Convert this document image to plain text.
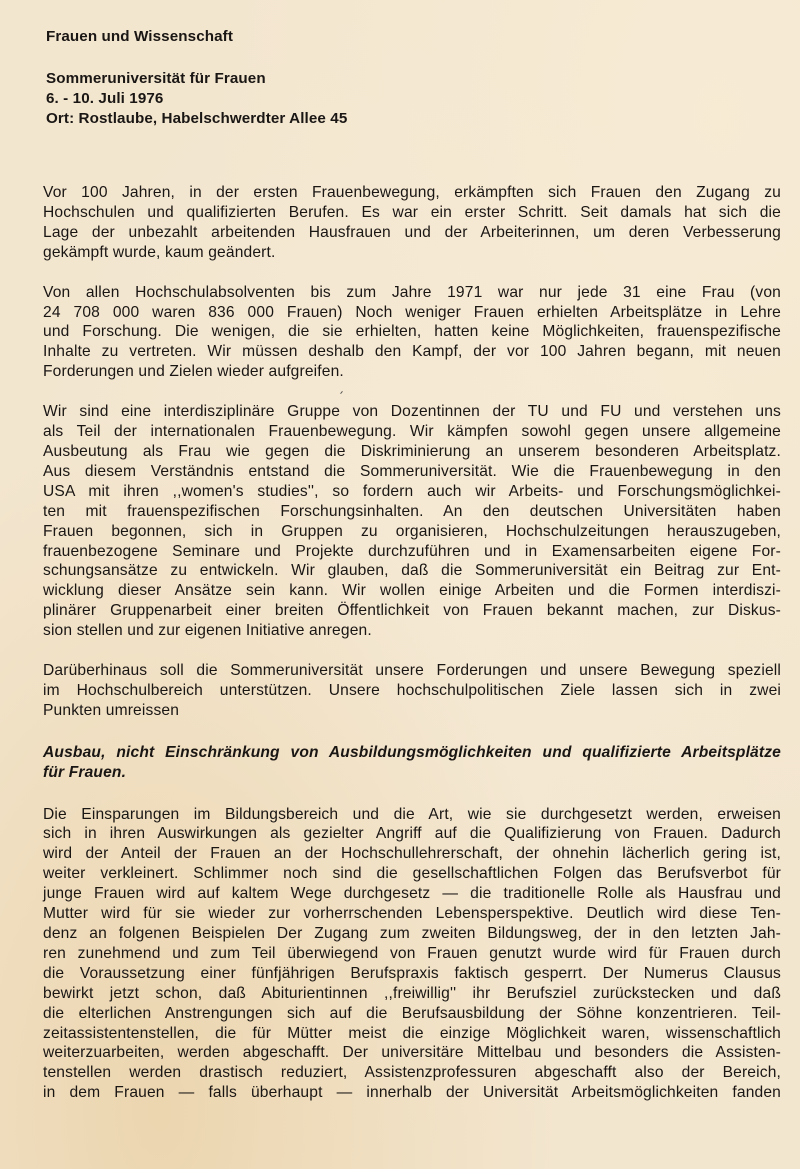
Frauen und Wissenschaft
Sommeruniversität für Frauen
6. - 10. Juli 1976
Ort: Rostlaube, Habelschwerdter Allee 45

Vor 100 Jahren, in der ersten Frauenbewegung, erkämpften sich Frauen den Zugang zu
Hochschulen und qualifizierten Berufen. Es war ein erster Schritt. Seit damals hat sich die
Lage der unbezahlt arbeitenden Hausfrauen und der Arbeiterinnen, um deren Verbesserung
gekämpft wurde, kaum geändert.

Von allen Hochschulabsolventen bis zum Jahre 1971 war nur jede 31 eine Frau (von
24 708 000 waren 836 000 Frauen) Noch weniger Frauen erhielten Arbeitsplätze in Lehre
und Forschung. Die wenigen, die sie erhielten, hatten keine Möglichkeiten, frauenspezifische
Inhalte zu vertreten. Wir müssen deshalb den Kampf, der vor 100 Jahren begann, mit neuen
Forderungen und Zielen wieder aufgreifen.

Wir sind eine interdisziplinäre Gruppe von Dozentinnen der TU und FU und verstehen uns
als Teil der internationalen Frauenbewegung. Wir kämpfen sowohl gegen unsere allgemeine
Ausbeutung als Frau wie gegen die Diskriminierung an unserem besonderen Arbeitsplatz.
Aus diesem Verständnis entstand die Sommeruniversität. Wie die Frauenbewegung in den
USA mit ihren ,,women's studies'', so fordern auch wir Arbeits- und Forschungsmöglichkei-
ten mit frauenspezifischen Forschungsinhalten. An den deutschen Universitäten haben
Frauen begonnen, sich in Gruppen zu organisieren, Hochschulzeitungen herauszugeben,
frauenbezogene Seminare und Projekte durchzuführen und in Examensarbeiten eigene For-
schungsansätze zu entwickeln. Wir glauben, daß die Sommeruniversität ein Beitrag zur Ent-
wicklung dieser Ansätze sein kann. Wir wollen einige Arbeiten und die Formen interdiszi-
plinärer Gruppenarbeit einer breiten Öffentlichkeit von Frauen bekannt machen, zur Diskus-
sion stellen und zur eigenen Initiative anregen.

Darüberhinaus soll die Sommeruniversität unsere Forderungen und unsere Bewegung speziell
im Hochschulbereich unterstützen. Unsere hochschulpolitischen Ziele lassen sich in zwei
Punkten umreissen

Ausbau, nicht Einschränkung von Ausbildungsmöglichkeiten und qualifizierte Arbeitsplätze
für Frauen.

Die Einsparungen im Bildungsbereich und die Art, wie sie durchgesetzt werden, erweisen
sich in ihren Auswirkungen als gezielter Angriff auf die Qualifizierung von Frauen. Dadurch
wird der Anteil der Frauen an der Hochschullehrerschaft, der ohnehin lächerlich gering ist,
weiter verkleinert. Schlimmer noch sind die gesellschaftlichen Folgen das Berufsverbot für
junge Frauen wird auf kaltem Wege durchgesetz — die traditionelle Rolle als Hausfrau und
Mutter wird für sie wieder zur vorherrschenden Lebensperspektive. Deutlich wird diese Ten-
denz an folgenen Beispielen Der Zugang zum zweiten Bildungsweg, der in den letzten Jah-
ren zunehmend und zum Teil überwiegend von Frauen genutzt wurde wird für Frauen durch
die Voraussetzung einer fünfjährigen Berufspraxis faktisch gesperrt. Der Numerus Clausus
bewirkt jetzt schon, daß Abiturientinnen ,,freiwillig'' ihr Berufsziel zurückstecken und daß
die elterlichen Anstrengungen sich auf die Berufsausbildung der Söhne konzentrieren. Teil-
zeitassistentenstellen, die für Mütter meist die einzige Möglichkeit waren, wissenschaftlich
weiterzuarbeiten, werden abgeschafft. Der universitäre Mittelbau und besonders die Assisten-
tenstellen werden drastisch reduziert, Assistenzprofessuren abgeschafft also der Bereich,
in dem Frauen — falls überhaupt — innerhalb der Universität Arbeitsmöglichkeiten fanden
